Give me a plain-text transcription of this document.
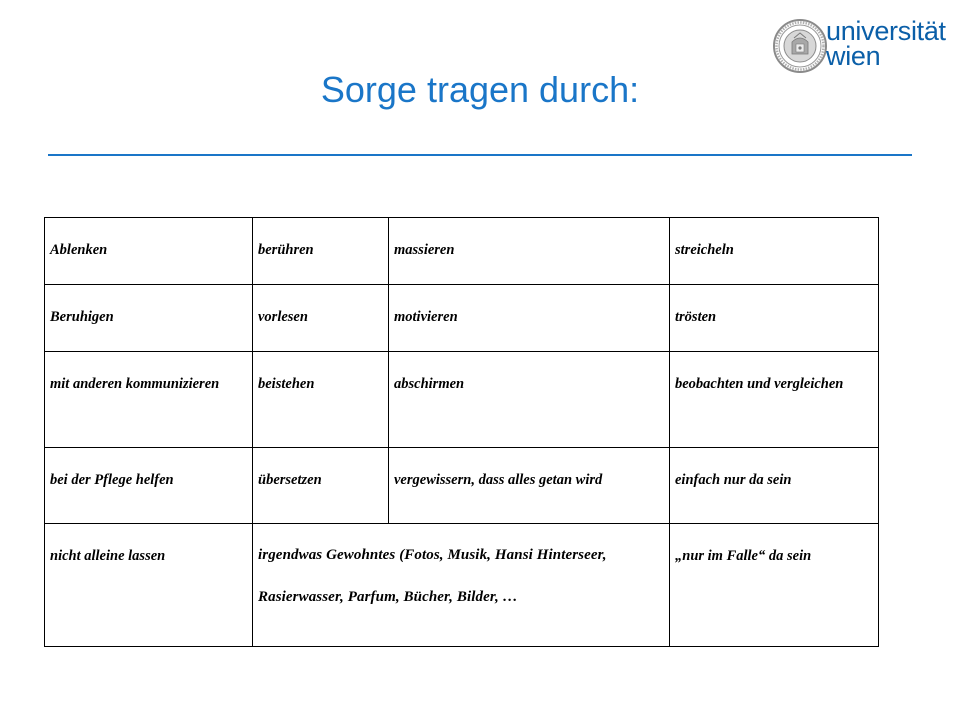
universität
wien
Sorge tragen durch:
Ablenken	berühren	massieren	streicheln
Beruhigen	vorlesen	motivieren	trösten
mit anderen kommunizieren	beistehen	abschirmen	beobachten und vergleichen
bei der Pflege helfen	übersetzen	vergewissern, dass alles getan wird	einfach nur da sein
nicht alleine lassen	irgendwas Gewohntes (Fotos, Musik, Hansi Hinterseer, Rasierwasser, Parfum, Bücher, Bilder, …		„nur im Falle“ da sein
